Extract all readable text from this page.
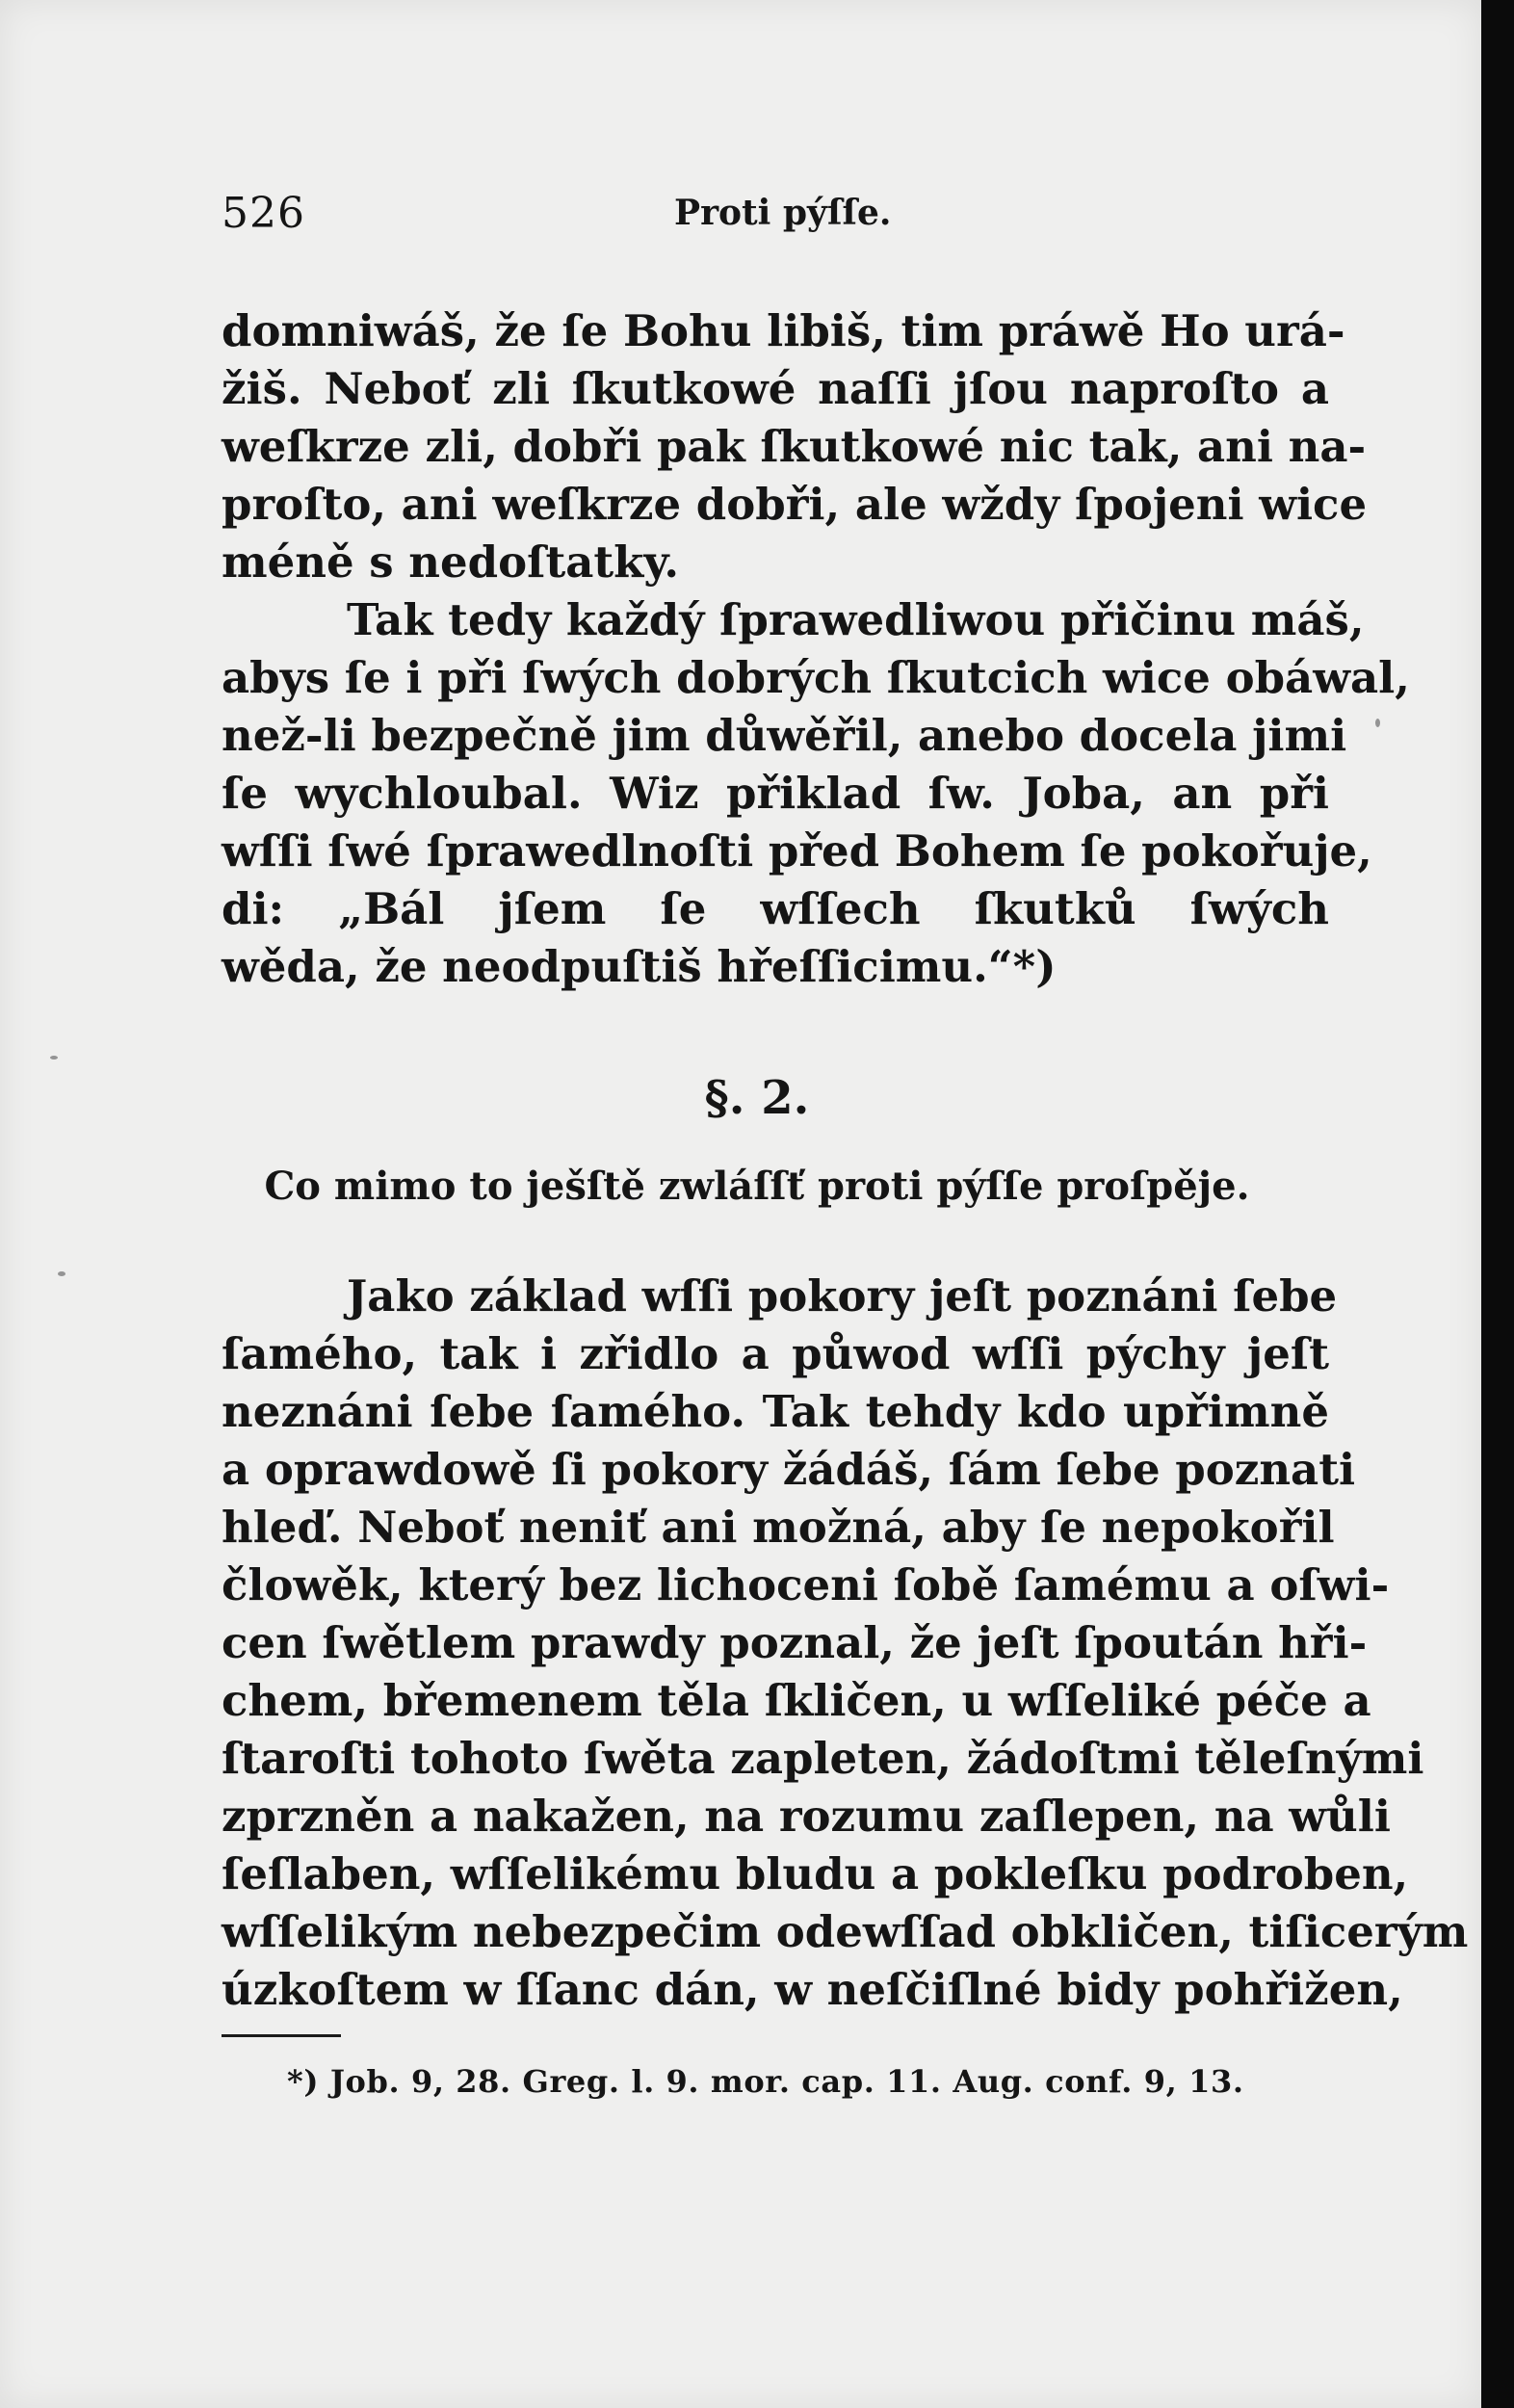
526	Proti pýſſe.
domniwáš, že ſe Bohu libiš, tim práwě Ho urá-
žiš. Neboť zli ſkutkowé naſſi jſou naproſto a
weſkrze zli, dobři pak ſkutkowé nic tak, ani na-
proſto, ani weſkrze dobři, ale wždy ſpojeni wice
méně s nedoſtatky.
Tak tedy každý ſprawedliwou přičinu máš,
abys ſe i při ſwých dobrých ſkutcich wice obáwal,
než-li bezpečně jim důwěřil, anebo docela jimi
ſe wychloubal. Wiz přiklad ſw. Joba, an při
wſſi ſwé ſprawedlnoſti před Bohem ſe pokořuje,
di: „Bál jſem ſe wſſech ſkutků ſwých
wěda, že neodpuſtiš hřeſſicimu.“*)
§. 2.
Co mimo to ješſtě zwláſſť proti pýſſe proſpěje.
Jako základ wſſi pokory jeſt poznáni ſebe
ſamého, tak i zřidlo a půwod wſſi pýchy jeſt
neznáni ſebe ſamého. Tak tehdy kdo upřimně
a oprawdowě ſi pokory žádáš, ſám ſebe poznati
hleď. Neboť neniť ani možná, aby ſe nepokořil
člowěk, který bez lichoceni ſobě ſamému a oſwi-
cen ſwětlem prawdy poznal, že jeſt ſpoután hři-
chem, břemenem těla ſkličen, u wſſeliké péče a
ſtaroſti tohoto ſwěta zapleten, žádoſtmi těleſnými
zprzněn a nakažen, na rozumu zaſlepen, na wůli
ſeſlaben, wſſelikému bludu a pokleſku podroben,
wſſelikým nebezpečim odewſſad obkličen, tiſicerým
úzkoſtem w ſſanc dán, w neſčiſlné bidy pohřižen,
*) Job. 9, 28. Greg. l. 9. mor. cap. 11. Aug. conf. 9, 13.
